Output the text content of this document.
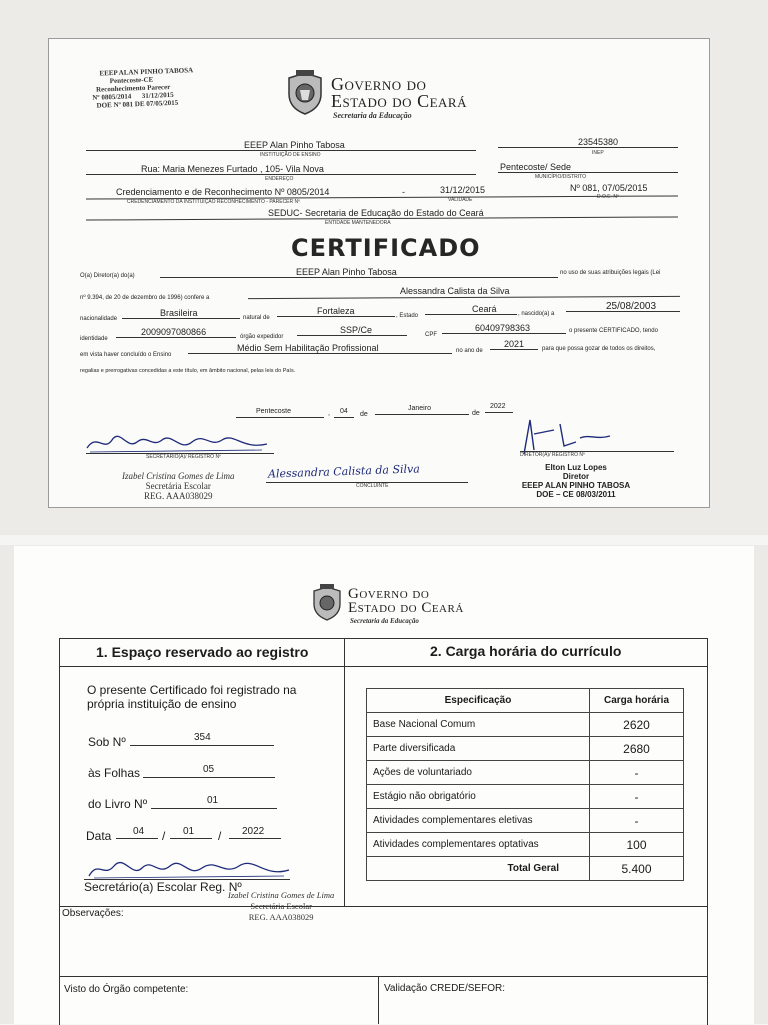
EEEP ALAN PINHO TABOSA
Pentecoste-CE
Reconhecimento Parecer
Nº 0805/2014 31/12/2015
DOE Nº 081 DE 07/05/2015
Governo do
Estado do Ceará
Secretaria da Educação
EEEP Alan Pinho Tabosa
INSTITUIÇÃO DE ENSINO
23545380
INEP
Rua: Maria Menezes Furtado , 105- Vila Nova
ENDEREÇO
Pentecoste/ Sede
MUNICÍPIO/DISTRITO
Credenciamento e de Reconhecimento Nº 0805/2014	-	31/12/2015	Nº 081, 07/05/2015
CREDENCIAMENTO DA INSTITUIÇÃO RECONHECIMENTO - PARECER Nº	VALIDADE	D.O.E. Nº
SEDUC- Secretaria de Educação do Estado do Ceará
ENTIDADE MANTENEDORA
CERTIFICADO
O(a) Diretor(a) do(a)	EEEP Alan Pinho Tabosa	no uso de suas atribuições legais (Lei
nº 9.394, de 20 de dezembro de 1996) confere a
Alessandra Calista da Silva
nacionalidade
Brasileira	natural de
Fortaleza	, Estado
Ceará	, nascido(a) a
25/08/2003
identidade
2009097080866	órgão expedidor
SSP/Ce	CPF
60409798363	o presente CERTIFICADO, tendo
em vista haver concluído o Ensino
Médio Sem Habilitação Profissional	no ano de
2021	para que possa gozar de todos os direitos,
regalias e prerrogativas concedidas a este título, em âmbito nacional, pelas leis do País.
Pentecoste	, 04 de
Janeiro
de
2022
SECRETÁRIO(A)/ REGISTRO Nº
Izabel Cristina Gomes de Lima
Secretária Escolar
REG. AAA038029
Alessandra Calista da Silva
CONCLUINTE
DIRETOR(A)/ REGISTRO Nº
Elton Luz Lopes
Diretor
EEEP ALAN PINHO TABOSA
DOE – CE 08/03/2011
Governo do
Estado do Ceará
Secretaria da Educação
1. Espaço reservado ao registro	2. Carga horária do currículo
O presente Certificado foi registrado na própria instituição de ensino
Sob Nº	354
às Folhas	05
do Livro Nº	01
Data 04 / 01 / 2022
Secretário(a) Escolar Reg. Nº
Izabel Cristina Gomes de Lima
Secretária Escolar
REG. AAA038029
Especificação	Carga horária
Base Nacional Comum	2620
Parte diversificada	2680
Ações de voluntariado	-
Estágio não obrigatório	-
Atividades complementares eletivas	-
Atividades complementares optativas	100
Total Geral	5.400
Observações:
Visto do Órgão competente:	Validação CREDE/SEFOR:
